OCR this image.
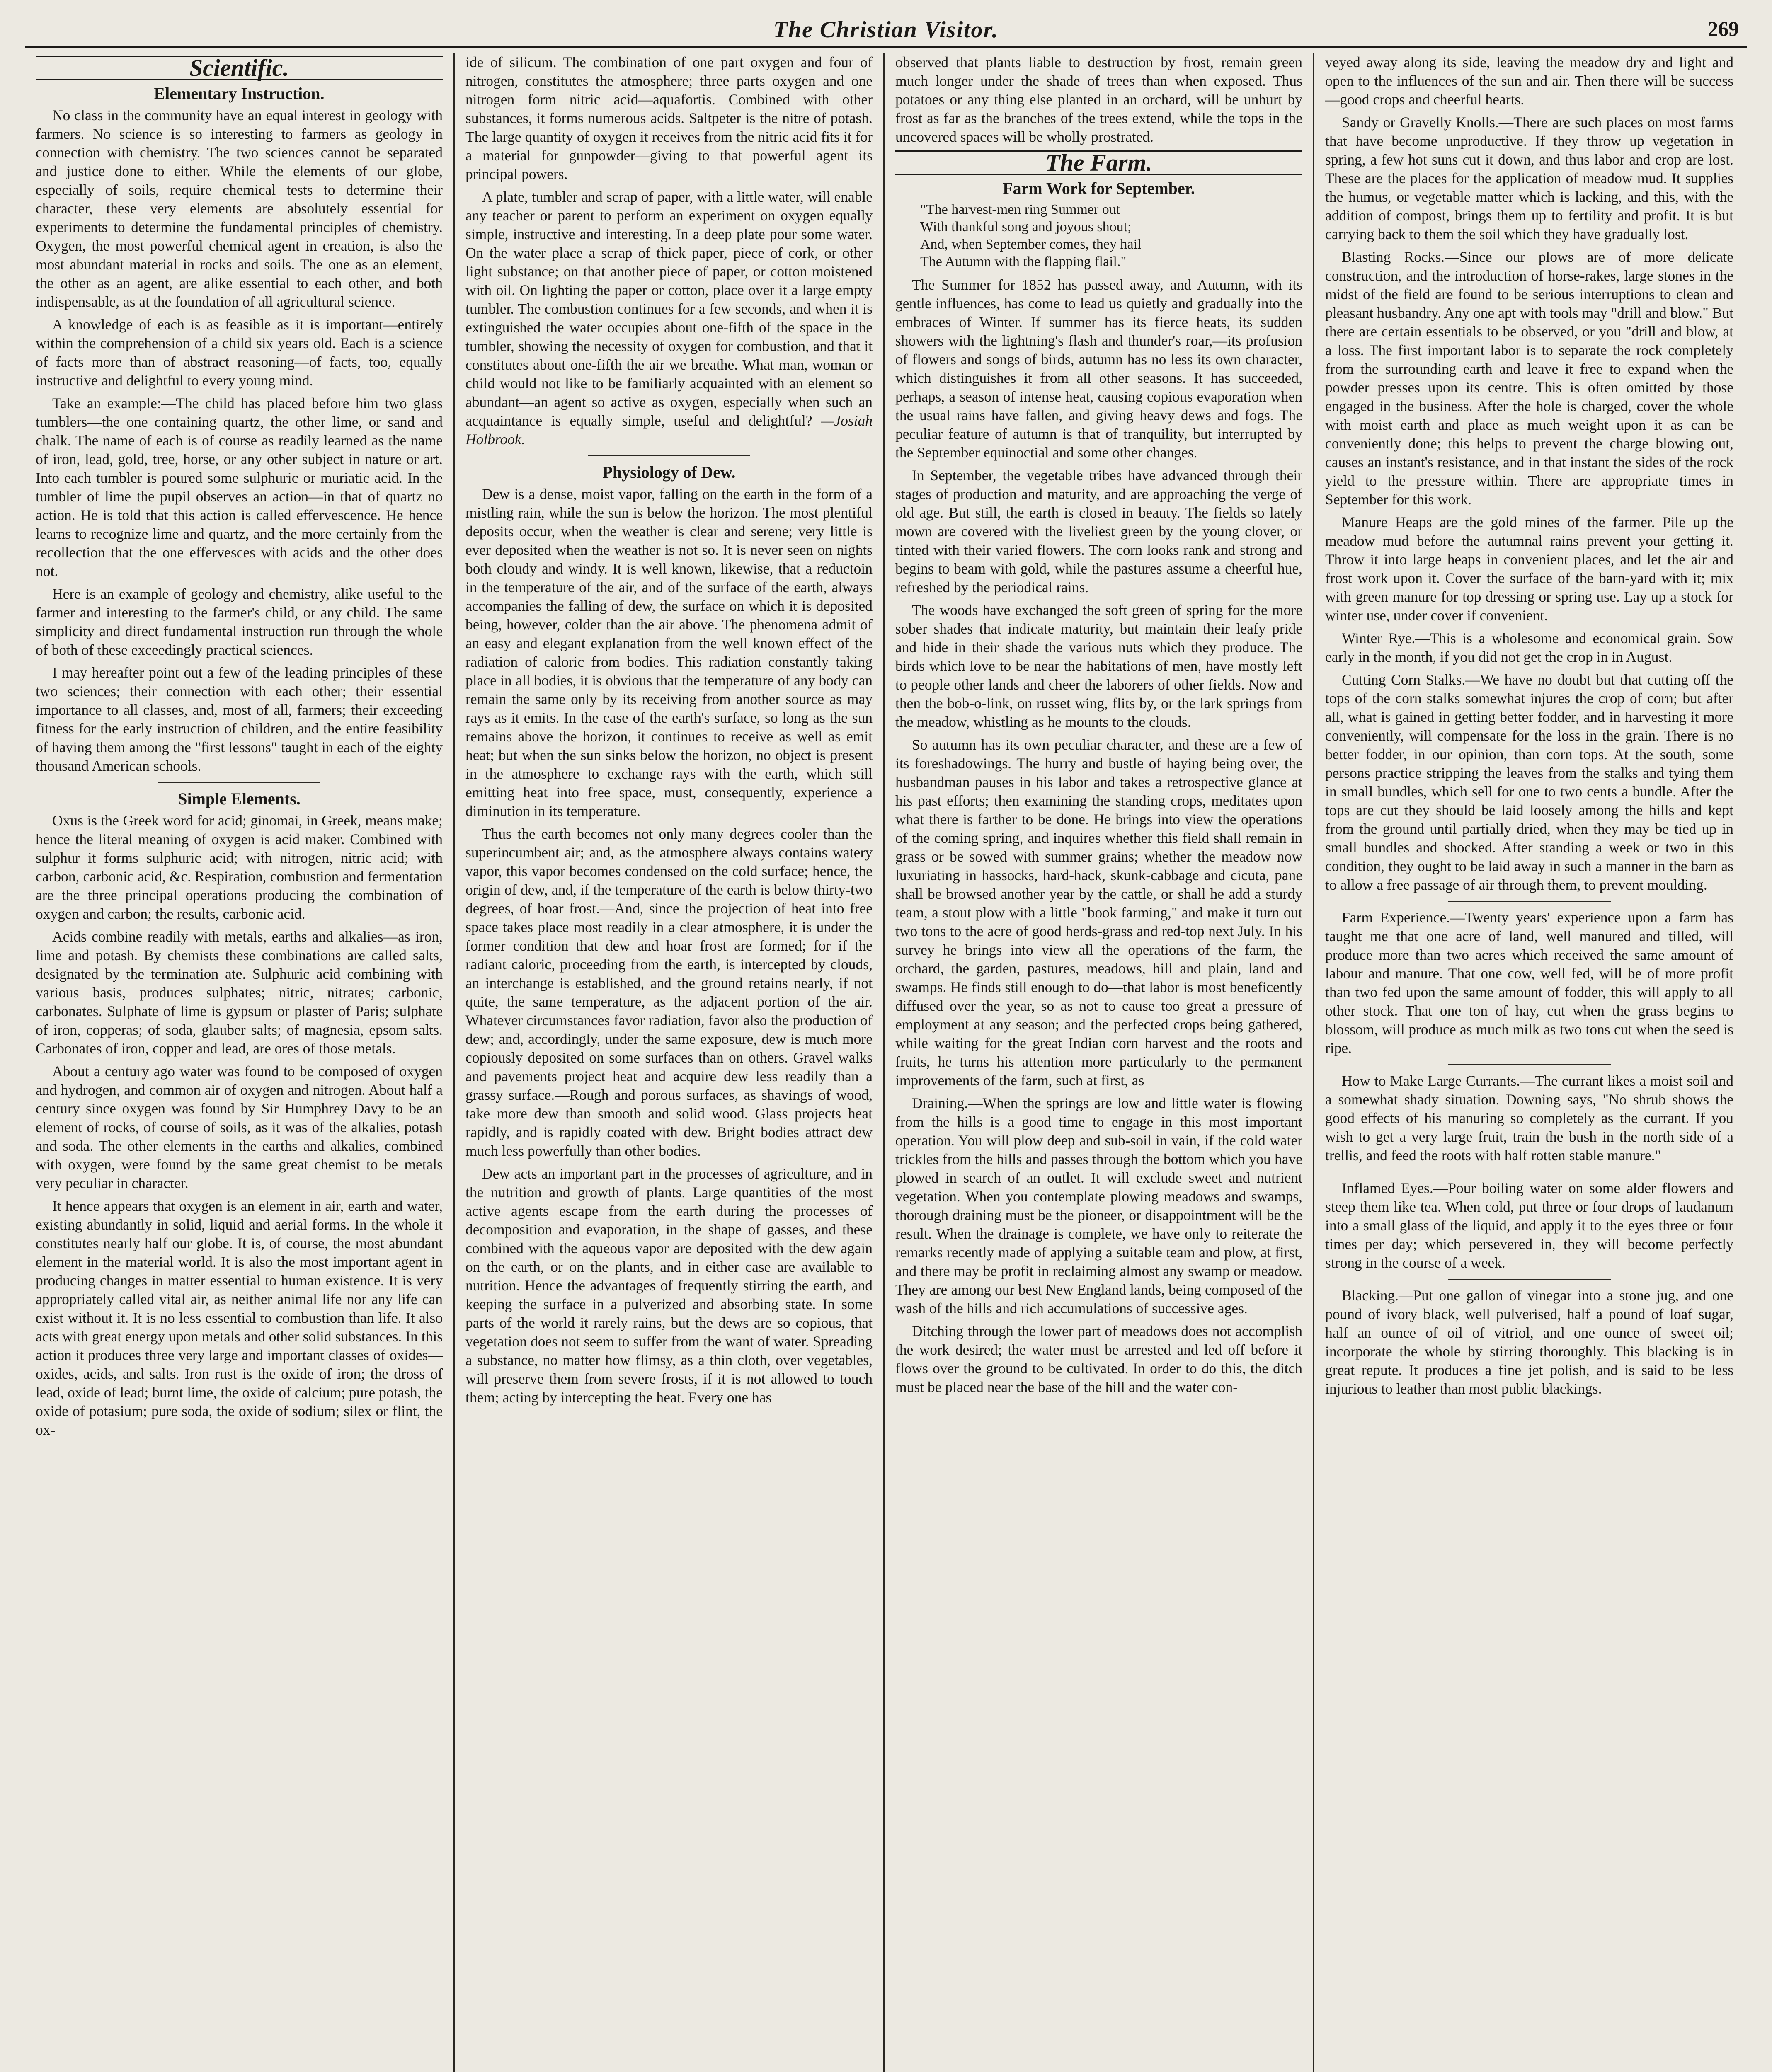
The Christian Visitor.	269
Scientific.
Elementary Instruction.

No class in the community have an equal interest in geology with farmers. No science is so interesting to farmers as geology in connection with chemistry. The two sciences cannot be separated and justice done to either. While the elements of our globe, especially of soils, require chemical tests to determine their character, these very elements are absolutely essential for experiments to determine the fundamental principles of chemistry. Oxygen, the most powerful chemical agent in creation, is also the most abundant material in rocks and soils. The one as an element, the other as an agent, are alike essential to each other, and both indispensable, as at the foundation of all agricultural science.

A knowledge of each is as feasible as it is important—entirely within the comprehension of a child six years old. Each is a science of facts more than of abstract reasoning—of facts, too, equally instructive and delightful to every young mind.

Take an example:—The child has placed before him two glass tumblers—the one containing quartz, the other lime, or sand and chalk. The name of each is of course as readily learned as the name of iron, lead, gold, tree, horse, or any other subject in nature or art. Into each tumbler is poured some sulphuric or muriatic acid. In the tumbler of lime the pupil observes an action—in that of quartz no action. He is told that this action is called effervescence. He hence learns to recognize lime and quartz, and the more certainly from the recollection that the one effervesces with acids and the other does not.

Here is an example of geology and chemistry, alike useful to the farmer and interesting to the farmer's child, or any child. The same simplicity and direct fundamental instruction run through the whole of both of these exceedingly practical sciences.

I may hereafter point out a few of the leading principles of these two sciences; their connection with each other; their essential importance to all classes, and, most of all, farmers; their exceeding fitness for the early instruction of children, and the entire feasibility of having them among the "first lessons" taught in each of the eighty thousand American schools.

Simple Elements.

Oxus is the Greek word for acid; ginomai, in Greek, means make; hence the literal meaning of oxygen is acid maker. Combined with sulphur it forms sulphuric acid; with nitrogen, nitric acid; with carbon, carbonic acid, &c. Respiration, combustion and fermentation are the three principal operations producing the combination of oxygen and carbon; the results, carbonic acid.

Acids combine readily with metals, earths and alkalies—as iron, lime and potash. By chemists these combinations are called salts, designated by the termination ate. Sulphuric acid combining with various basis, produces sulphates; nitric, nitrates; carbonic, carbonates. Sulphate of lime is gypsum or plaster of Paris; sulphate of iron, copperas; of soda, glauber salts; of magnesia, epsom salts. Carbonates of iron, copper and lead, are ores of those metals.

About a century ago water was found to be composed of oxygen and hydrogen, and common air of oxygen and nitrogen. About half a century since oxygen was found by Sir Humphrey Davy to be an element of rocks, of course of soils, as it was of the alkalies, potash and soda. The other elements in the earths and alkalies, combined with oxygen, were found by the same great chemist to be metals very peculiar in character.

It hence appears that oxygen is an element in air, earth and water, existing abundantly in solid, liquid and aerial forms. In the whole it constitutes nearly half our globe. It is, of course, the most abundant element in the material world. It is also the most important agent in producing changes in matter essential to human existence. It is very appropriately called vital air, as neither animal life nor any life can exist without it. It is no less essential to combustion than life. It also acts with great energy upon metals and other solid substances. In this action it produces three very large and important classes of oxides—oxides, acids, and salts. Iron rust is the oxide of iron; the dross of lead, oxide of lead; burnt lime, the oxide of calcium; pure potash, the oxide of potasium; pure soda, the oxide of sodium; silex or flint, the ox-

ide of silicum. The combination of one part oxygen and four of nitrogen, constitutes the atmosphere; three parts oxygen and one nitrogen form nitric acid—aquafortis. Combined with other substances, it forms numerous acids. Saltpeter is the nitre of potash. The large quantity of oxygen it receives from the nitric acid fits it for a material for gunpowder—giving to that powerful agent its principal powers.

A plate, tumbler and scrap of paper, with a little water, will enable any teacher or parent to perform an experiment on oxygen equally simple, instructive and interesting. In a deep plate pour some water. On the water place a scrap of thick paper, piece of cork, or other light substance; on that another piece of paper, or cotton moistened with oil. On lighting the paper or cotton, place over it a large empty tumbler. The combustion continues for a few seconds, and when it is extinguished the water occupies about one-fifth of the space in the tumbler, showing the necessity of oxygen for combustion, and that it constitutes about one-fifth the air we breathe. What man, woman or child would not like to be familiarly acquainted with an element so abundant—an agent so active as oxygen, especially when such an acquaintance is equally simple, useful and delightful? —Josiah Holbrook.

Physiology of Dew.

Dew is a dense, moist vapor, falling on the earth in the form of a mistling rain, while the sun is below the horizon. The most plentiful deposits occur, when the weather is clear and serene; very little is ever deposited when the weather is not so. It is never seen on nights both cloudy and windy. It is well known, likewise, that a reductoin in the temperature of the air, and of the surface of the earth, always accompanies the falling of dew, the surface on which it is deposited being, however, colder than the air above. The phenomena admit of an easy and elegant explanation from the well known effect of the radiation of caloric from bodies. This radiation constantly taking place in all bodies, it is obvious that the temperature of any body can remain the same only by its receiving from another source as may rays as it emits. In the case of the earth's surface, so long as the sun remains above the horizon, it continues to receive as well as emit heat; but when the sun sinks below the horizon, no object is present in the atmosphere to exchange rays with the earth, which still emitting heat into free space, must, consequently, experience a diminution in its temperature.

Thus the earth becomes not only many degrees cooler than the superincumbent air; and, as the atmosphere always contains watery vapor, this vapor becomes condensed on the cold surface; hence, the origin of dew, and, if the temperature of the earth is below thirty-two degrees, of hoar frost.—And, since the projection of heat into free space takes place most readily in a clear atmosphere, it is under the former condition that dew and hoar frost are formed; for if the radiant caloric, proceeding from the earth, is intercepted by clouds, an interchange is established, and the ground retains nearly, if not quite, the same temperature, as the adjacent portion of the air. Whatever circumstances favor radiation, favor also the production of dew; and, accordingly, under the same exposure, dew is much more copiously deposited on some surfaces than on others. Gravel walks and pavements project heat and acquire dew less readily than a grassy surface.—Rough and porous surfaces, as shavings of wood, take more dew than smooth and solid wood. Glass projects heat rapidly, and is rapidly coated with dew. Bright bodies attract dew much less powerfully than other bodies.

Dew acts an important part in the processes of agriculture, and in the nutrition and growth of plants. Large quantities of the most active agents escape from the earth during the processes of decomposition and evaporation, in the shape of gasses, and these combined with the aqueous vapor are deposited with the dew again on the earth, or on the plants, and in either case are available to nutrition. Hence the advantages of frequently stirring the earth, and keeping the surface in a pulverized and absorbing state. In some parts of the world it rarely rains, but the dews are so copious, that vegetation does not seem to suffer from the want of water. Spreading a substance, no matter how flimsy, as a thin cloth, over vegetables, will preserve them from severe frosts, if it is not allowed to touch them; acting by intercepting the heat. Every one has

observed that plants liable to destruction by frost, remain green much longer under the shade of trees than when exposed. Thus potatoes or any thing else planted in an orchard, will be unhurt by frost as far as the branches of the trees extend, while the tops in the uncovered spaces will be wholly prostrated.

The Farm.
Farm Work for September.
"The harvest-men ring Summer out
With thankful song and joyous shout;
And, when September comes, they hail
The Autumn with the flapping flail."

The Summer for 1852 has passed away, and Autumn, with its gentle influences, has come to lead us quietly and gradually into the embraces of Winter. If summer has its fierce heats, its sudden showers with the lightning's flash and thunder's roar,—its profusion of flowers and songs of birds, autumn has no less its own character, which distinguishes it from all other seasons. It has succeeded, perhaps, a season of intense heat, causing copious evaporation when the usual rains have fallen, and giving heavy dews and fogs. The peculiar feature of autumn is that of tranquility, but interrupted by the September equinoctial and some other changes.

In September, the vegetable tribes have advanced through their stages of production and maturity, and are approaching the verge of old age. But still, the earth is closed in beauty. The fields so lately mown are covered with the liveliest green by the young clover, or tinted with their varied flowers. The corn looks rank and strong and begins to beam with gold, while the pastures assume a cheerful hue, refreshed by the periodical rains.

The woods have exchanged the soft green of spring for the more sober shades that indicate maturity, but maintain their leafy pride and hide in their shade the various nuts which they produce. The birds which love to be near the habitations of men, have mostly left to people other lands and cheer the laborers of other fields. Now and then the bob-o-link, on russet wing, flits by, or the lark springs from the meadow, whistling as he mounts to the clouds.

So autumn has its own peculiar character, and these are a few of its foreshadowings. The hurry and bustle of haying being over, the husbandman pauses in his labor and takes a retrospective glance at his past efforts; then examining the standing crops, meditates upon what there is farther to be done. He brings into view the operations of the coming spring, and inquires whether this field shall remain in grass or be sowed with summer grains; whether the meadow now luxuriating in hassocks, hard-hack, skunk-cabbage and cicuta, pane shall be browsed another year by the cattle, or shall he add a sturdy team, a stout plow with a little "book farming," and make it turn out two tons to the acre of good herds-grass and red-top next July. In his survey he brings into view all the operations of the farm, the orchard, the garden, pastures, meadows, hill and plain, land and swamps. He finds still enough to do—that labor is most beneficently diffused over the year, so as not to cause too great a pressure of employment at any season; and the perfected crops being gathered, while waiting for the great Indian corn harvest and the roots and fruits, he turns his attention more particularly to the permanent improvements of the farm, such at first, as

Draining.—When the springs are low and little water is flowing from the hills is a good time to engage in this most important operation. You will plow deep and sub-soil in vain, if the cold water trickles from the hills and passes through the bottom which you have plowed in search of an outlet. It will exclude sweet and nutrient vegetation. When you contemplate plowing meadows and swamps, thorough draining must be the pioneer, or disappointment will be the result. When the drainage is complete, we have only to reiterate the remarks recently made of applying a suitable team and plow, at first, and there may be profit in reclaiming almost any swamp or meadow. They are among our best New England lands, being composed of the wash of the hills and rich accumulations of successive ages.

Ditching through the lower part of meadows does not accomplish the work desired; the water must be arrested and led off before it flows over the ground to be cultivated. In order to do this, the ditch must be placed near the base of the hill and the water con-

veyed away along its side, leaving the meadow dry and light and open to the influences of the sun and air. Then there will be success—good crops and cheerful hearts.

Sandy or Gravelly Knolls.—There are such places on most farms that have become unproductive. If they throw up vegetation in spring, a few hot suns cut it down, and thus labor and crop are lost. These are the places for the application of meadow mud. It supplies the humus, or vegetable matter which is lacking, and this, with the addition of compost, brings them up to fertility and profit. It is but carrying back to them the soil which they have gradually lost.

Blasting Rocks.—Since our plows are of more delicate construction, and the introduction of horse-rakes, large stones in the midst of the field are found to be serious interruptions to clean and pleasant husbandry. Any one apt with tools may "drill and blow." But there are certain essentials to be observed, or you "drill and blow, at a loss. The first important labor is to separate the rock completely from the surrounding earth and leave it free to expand when the powder presses upon its centre. This is often omitted by those engaged in the business. After the hole is charged, cover the whole with moist earth and place as much weight upon it as can be conveniently done; this helps to prevent the charge blowing out, causes an instant's resistance, and in that instant the sides of the rock yield to the pressure within. There are appropriate times in September for this work.

Manure Heaps are the gold mines of the farmer. Pile up the meadow mud before the autumnal rains prevent your getting it. Throw it into large heaps in convenient places, and let the air and frost work upon it. Cover the surface of the barn-yard with it; mix with green manure for top dressing or spring use. Lay up a stock for winter use, under cover if convenient.

Winter Rye.—This is a wholesome and economical grain. Sow early in the month, if you did not get the crop in in August.

Cutting Corn Stalks.—We have no doubt but that cutting off the tops of the corn stalks somewhat injures the crop of corn; but after all, what is gained in getting better fodder, and in harvesting it more conveniently, will compensate for the loss in the grain. There is no better fodder, in our opinion, than corn tops. At the south, some persons practice stripping the leaves from the stalks and tying them in small bundles, which sell for one to two cents a bundle. After the tops are cut they should be laid loosely among the hills and kept from the ground until partially dried, when they may be tied up in small bundles and shocked. After standing a week or two in this condition, they ought to be laid away in such a manner in the barn as to allow a free passage of air through them, to prevent moulding.

Farm Experience.—Twenty years' experience upon a farm has taught me that one acre of land, well manured and tilled, will produce more than two acres which received the same amount of labour and manure. That one cow, well fed, will be of more profit than two fed upon the same amount of fodder, this will apply to all other stock. That one ton of hay, cut when the grass begins to blossom, will produce as much milk as two tons cut when the seed is ripe.

How to Make Large Currants.—The currant likes a moist soil and a somewhat shady situation. Downing says, "No shrub shows the good effects of his manuring so completely as the currant. If you wish to get a very large fruit, train the bush in the north side of a trellis, and feed the roots with half rotten stable manure."

Inflamed Eyes.—Pour boiling water on some alder flowers and steep them like tea. When cold, put three or four drops of laudanum into a small glass of the liquid, and apply it to the eyes three or four times per day; which persevered in, they will become perfectly strong in the course of a week.

Blacking.—Put one gallon of vinegar into a stone jug, and one pound of ivory black, well pulverised, half a pound of loaf sugar, half an ounce of oil of vitriol, and one ounce of sweet oil; incorporate the whole by stirring thoroughly. This blacking is in great repute. It produces a fine jet polish, and is said to be less injurious to leather than most public blackings.
